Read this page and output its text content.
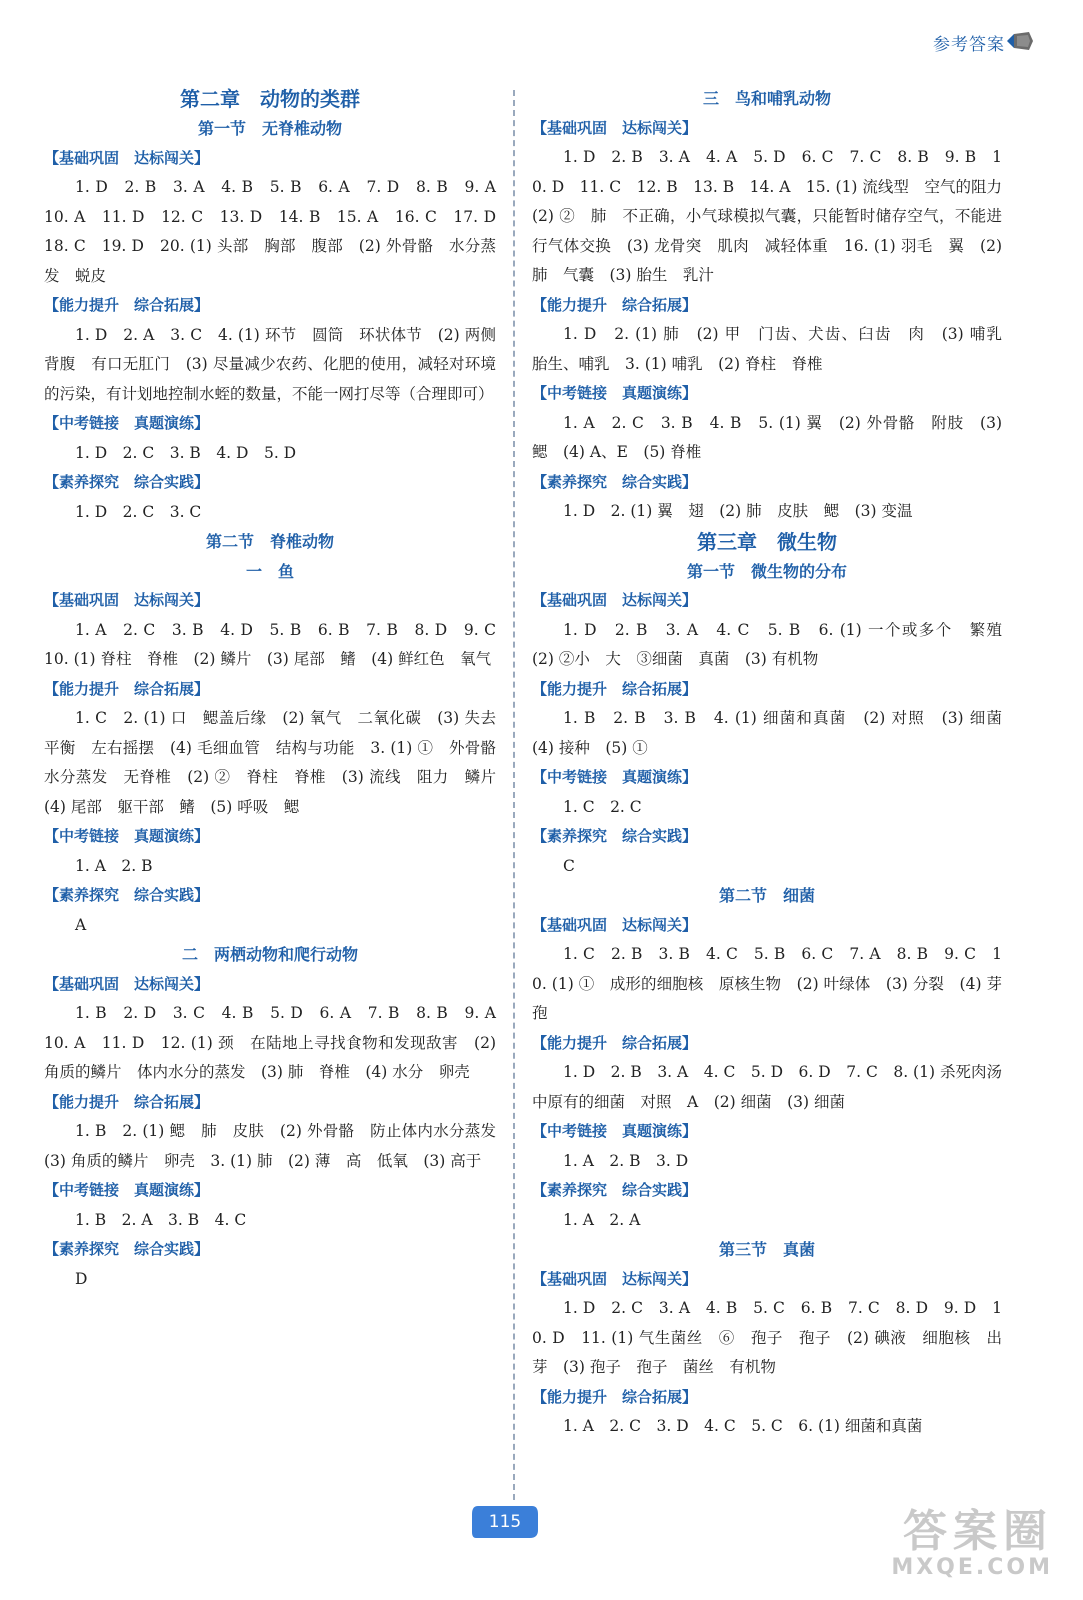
参考答案
第二章　动物的类群
第一节　无脊椎动物
【基础巩固　达标闯关】
1. D　2. B　3. A　4. B　5. B　6. A　7. D　8. B　9. A　10. A　11. D　12. C　13. D　14. B　15. A　16. C　17. D　18. C　19. D　20. (1) 头部　胸部　腹部　(2) 外骨骼　水分蒸发　蜕皮
【能力提升　综合拓展】
1. D　2. A　3. C　4. (1) 环节　圆筒　环状体节　(2) 两侧　背腹　有口无肛门　(3) 尽量减少农药、化肥的使用，减轻对环境的污染，有计划地控制水蛭的数量，不能一网打尽等（合理即可）
【中考链接　真题演练】
1. D　2. C　3. B　4. D　5. D
【素养探究　综合实践】
1. D　2. C　3. C
第二节　脊椎动物
一　鱼
【基础巩固　达标闯关】
1. A　2. C　3. B　4. D　5. B　6. B　7. B　8. D　9. C　10. (1) 脊柱　脊椎　(2) 鳞片　(3) 尾部　鳍　(4) 鲜红色　氧气
【能力提升　综合拓展】
1. C　2. (1) 口　鳃盖后缘　(2) 氧气　二氧化碳　(3) 失去平衡　左右摇摆　(4) 毛细血管　结构与功能　3. (1) ①　外骨骼　水分蒸发　无脊椎　(2) ②　脊柱　脊椎　(3) 流线　阻力　鳞片　(4) 尾部　躯干部　鳍　(5) 呼吸　鳃
【中考链接　真题演练】
1. A　2. B
【素养探究　综合实践】
A
二　两栖动物和爬行动物
【基础巩固　达标闯关】
1. B　2. D　3. C　4. B　5. D　6. A　7. B　8. B　9. A　10. A　11. D　12. (1) 颈　在陆地上寻找食物和发现敌害　(2) 角质的鳞片　体内水分的蒸发　(3) 肺　脊椎　(4) 水分　卵壳
【能力提升　综合拓展】
1. B　2. (1) 鳃　肺　皮肤　(2) 外骨骼　防止体内水分蒸发　(3) 角质的鳞片　卵壳　3. (1) 肺　(2) 薄　高　低氧　(3) 高于
【中考链接　真题演练】
1. B　2. A　3. B　4. C
【素养探究　综合实践】
D
三　鸟和哺乳动物
【基础巩固　达标闯关】
1. D　2. B　3. A　4. A　5. D　6. C　7. C　8. B　9. B　10. D　11. C　12. B　13. B　14. A　15. (1) 流线型　空气的阻力　(2) ②　肺　不正确，小气球模拟气囊，只能暂时储存空气，不能进行气体交换　(3) 龙骨突　肌肉　减轻体重　16. (1) 羽毛　翼　(2) 肺　气囊　(3) 胎生　乳汁
【能力提升　综合拓展】
1. D　2. (1) 肺　(2) 甲　门齿、犬齿、臼齿　肉　(3) 哺乳　胎生、哺乳　3. (1) 哺乳　(2) 脊柱　脊椎
【中考链接　真题演练】
1. A　2. C　3. B　4. B　5. (1) 翼　(2) 外骨骼　附肢　(3) 鳃　(4) A、E　(5) 脊椎
【素养探究　综合实践】
1. D　2. (1) 翼　翅　(2) 肺　皮肤　鳃　(3) 变温
第三章　微生物
第一节　微生物的分布
【基础巩固　达标闯关】
1. D　2. B　3. A　4. C　5. B　6. (1) 一个或多个　繁殖　(2) ②小　大　③细菌　真菌　(3) 有机物
【能力提升　综合拓展】
1. B　2. B　3. B　4. (1) 细菌和真菌　(2) 对照　(3) 细菌　(4) 接种　(5) ①
【中考链接　真题演练】
1. C　2. C
【素养探究　综合实践】
C
第二节　细菌
【基础巩固　达标闯关】
1. C　2. B　3. B　4. C　5. B　6. C　7. A　8. B　9. C　10. (1) ①　成形的细胞核　原核生物　(2) 叶绿体　(3) 分裂　(4) 芽孢
【能力提升　综合拓展】
1. D　2. B　3. A　4. C　5. D　6. D　7. C　8. (1) 杀死肉汤中原有的细菌　对照　A　(2) 细菌　(3) 细菌
【中考链接　真题演练】
1. A　2. B　3. D
【素养探究　综合实践】
1. A　2. A
第三节　真菌
【基础巩固　达标闯关】
1. D　2. C　3. A　4. B　5. C　6. B　7. C　8. D　9. D　10. D　11. (1) 气生菌丝　⑥　孢子　孢子　(2) 碘液　细胞核　出芽　(3) 孢子　孢子　菌丝　有机物
【能力提升　综合拓展】
1. A　2. C　3. D　4. C　5. C　6. (1) 细菌和真菌
115	答案圈
MXQE.COM
